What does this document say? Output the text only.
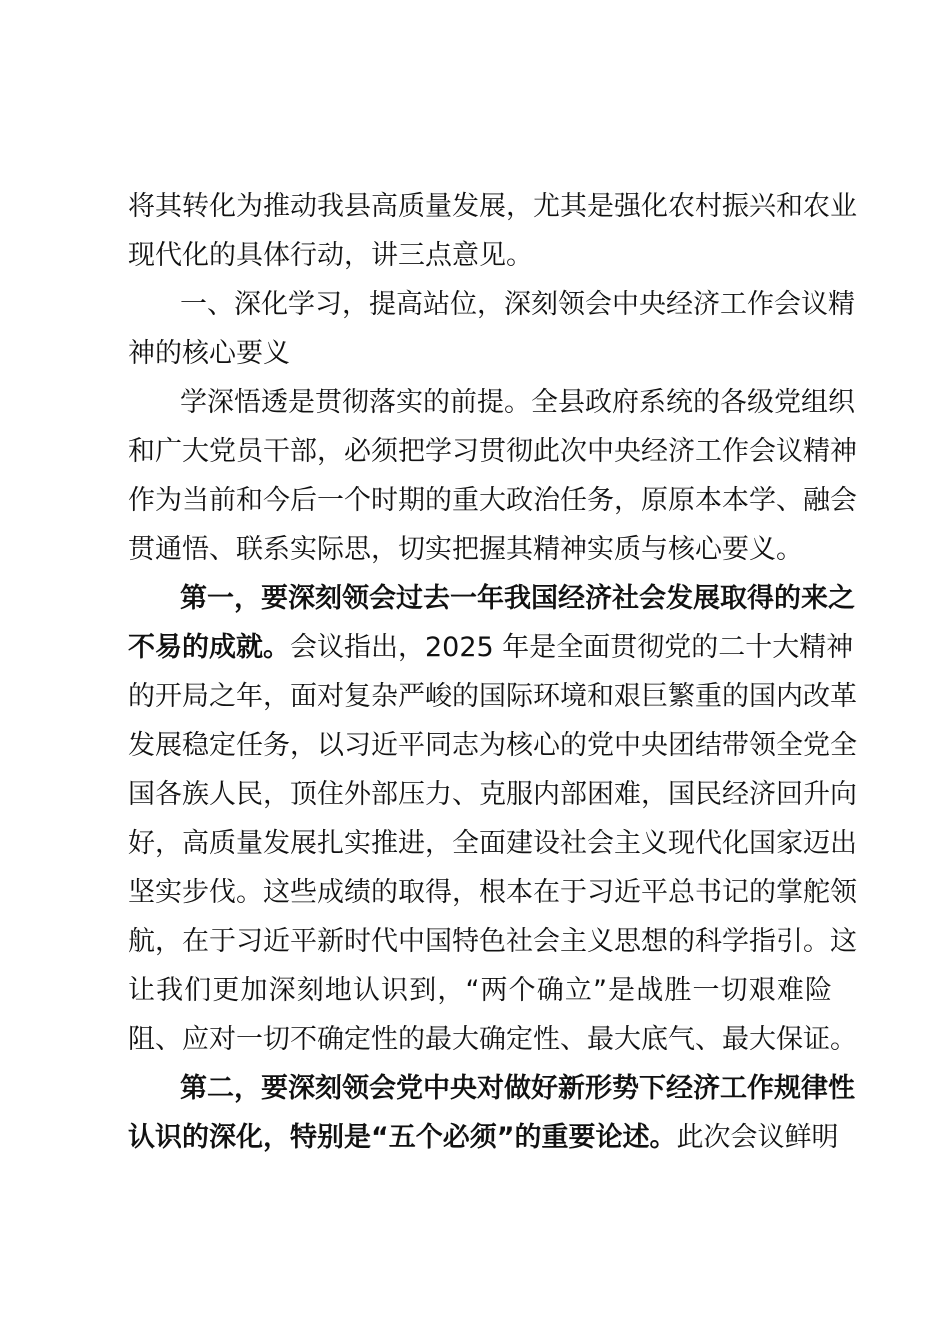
将其转化为推动我县高质量发展，尤其是强化农村振兴和农业
现代化的具体行动，讲三点意见。
一、深化学习，提高站位，深刻领会中央经济工作会议精
神的核心要义
学深悟透是贯彻落实的前提。全县政府系统的各级党组织
和广大党员干部，必须把学习贯彻此次中央经济工作会议精神
作为当前和今后一个时期的重大政治任务，原原本本学、融会
贯通悟、联系实际思，切实把握其精神实质与核心要义。
第一，要深刻领会过去一年我国经济社会发展取得的来之
不易的成就。会议指出，2025 年是全面贯彻党的二十大精神
的开局之年，面对复杂严峻的国际环境和艰巨繁重的国内改革
发展稳定任务，以习近平同志为核心的党中央团结带领全党全
国各族人民，顶住外部压力、克服内部困难，国民经济回升向
好，高质量发展扎实推进，全面建设社会主义现代化国家迈出
坚实步伐。这些成绩的取得，根本在于习近平总书记的掌舵领
航，在于习近平新时代中国特色社会主义思想的科学指引。这
让我们更加深刻地认识到，“两个确立”是战胜一切艰难险
阻、应对一切不确定性的最大确定性、最大底气、最大保证。
第二，要深刻领会党中央对做好新形势下经济工作规律性
认识的深化，特别是“五个必须”的重要论述。此次会议鲜明
